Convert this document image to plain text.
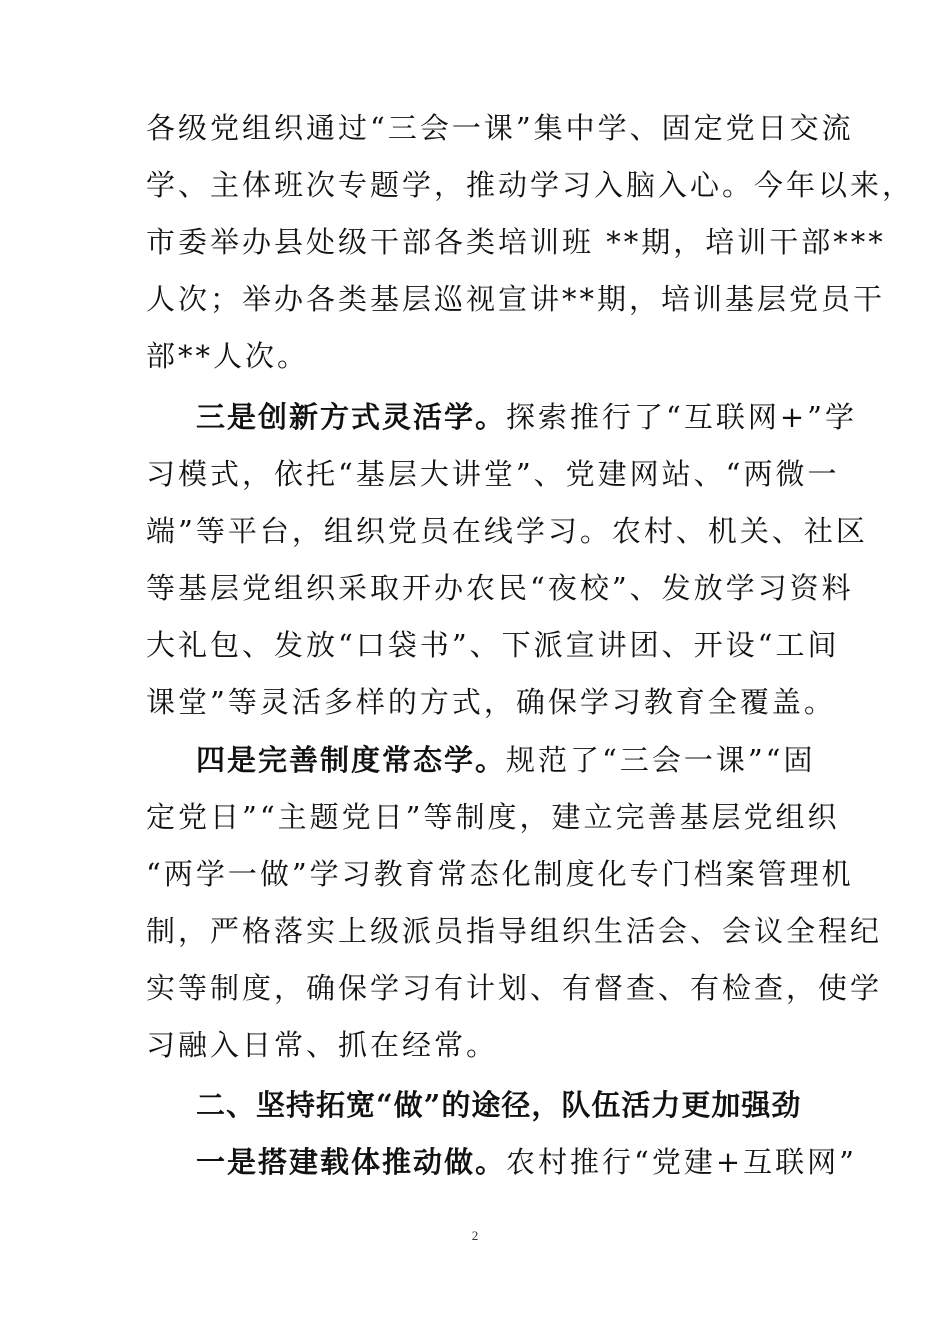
各级党组织通过“三会一课”集中学、固定党日交流
学、主体班次专题学，推动学习入脑入心。今年以来，
市委举办县处级干部各类培训班 **期，培训干部***
人次；举办各类基层巡视宣讲**期，培训基层党员干
部**人次。
三是创新方式灵活学。探索推行了“互联网+”学
习模式，依托“基层大讲堂”、党建网站、“两微一
端”等平台，组织党员在线学习。农村、机关、社区
等基层党组织采取开办农民“夜校”、发放学习资料
大礼包、发放“口袋书”、下派宣讲团、开设“工间
课堂”等灵活多样的方式，确保学习教育全覆盖。
四是完善制度常态学。规范了“三会一课”“固
定党日”“主题党日”等制度，建立完善基层党组织
“两学一做”学习教育常态化制度化专门档案管理机
制，严格落实上级派员指导组织生活会、会议全程纪
实等制度，确保学习有计划、有督查、有检查，使学
习融入日常、抓在经常。
二、坚持拓宽“做”的途径，队伍活力更加强劲
一是搭建载体推动做。农村推行“党建+互联网”
2
